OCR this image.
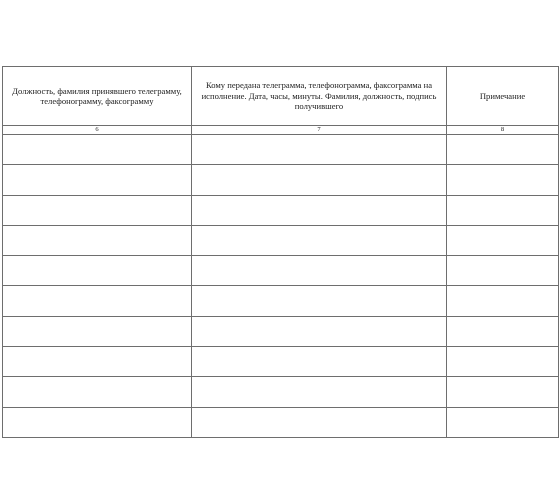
Должность, фамилия принявшего телеграмму, телефонограмму, факсограмму	Кому передана телеграмма, телефонограмма, факсограмма на исполнение. Дата, часы, минуты. Фамилия, должность, подпись получившего	Примечание
6	7	8
